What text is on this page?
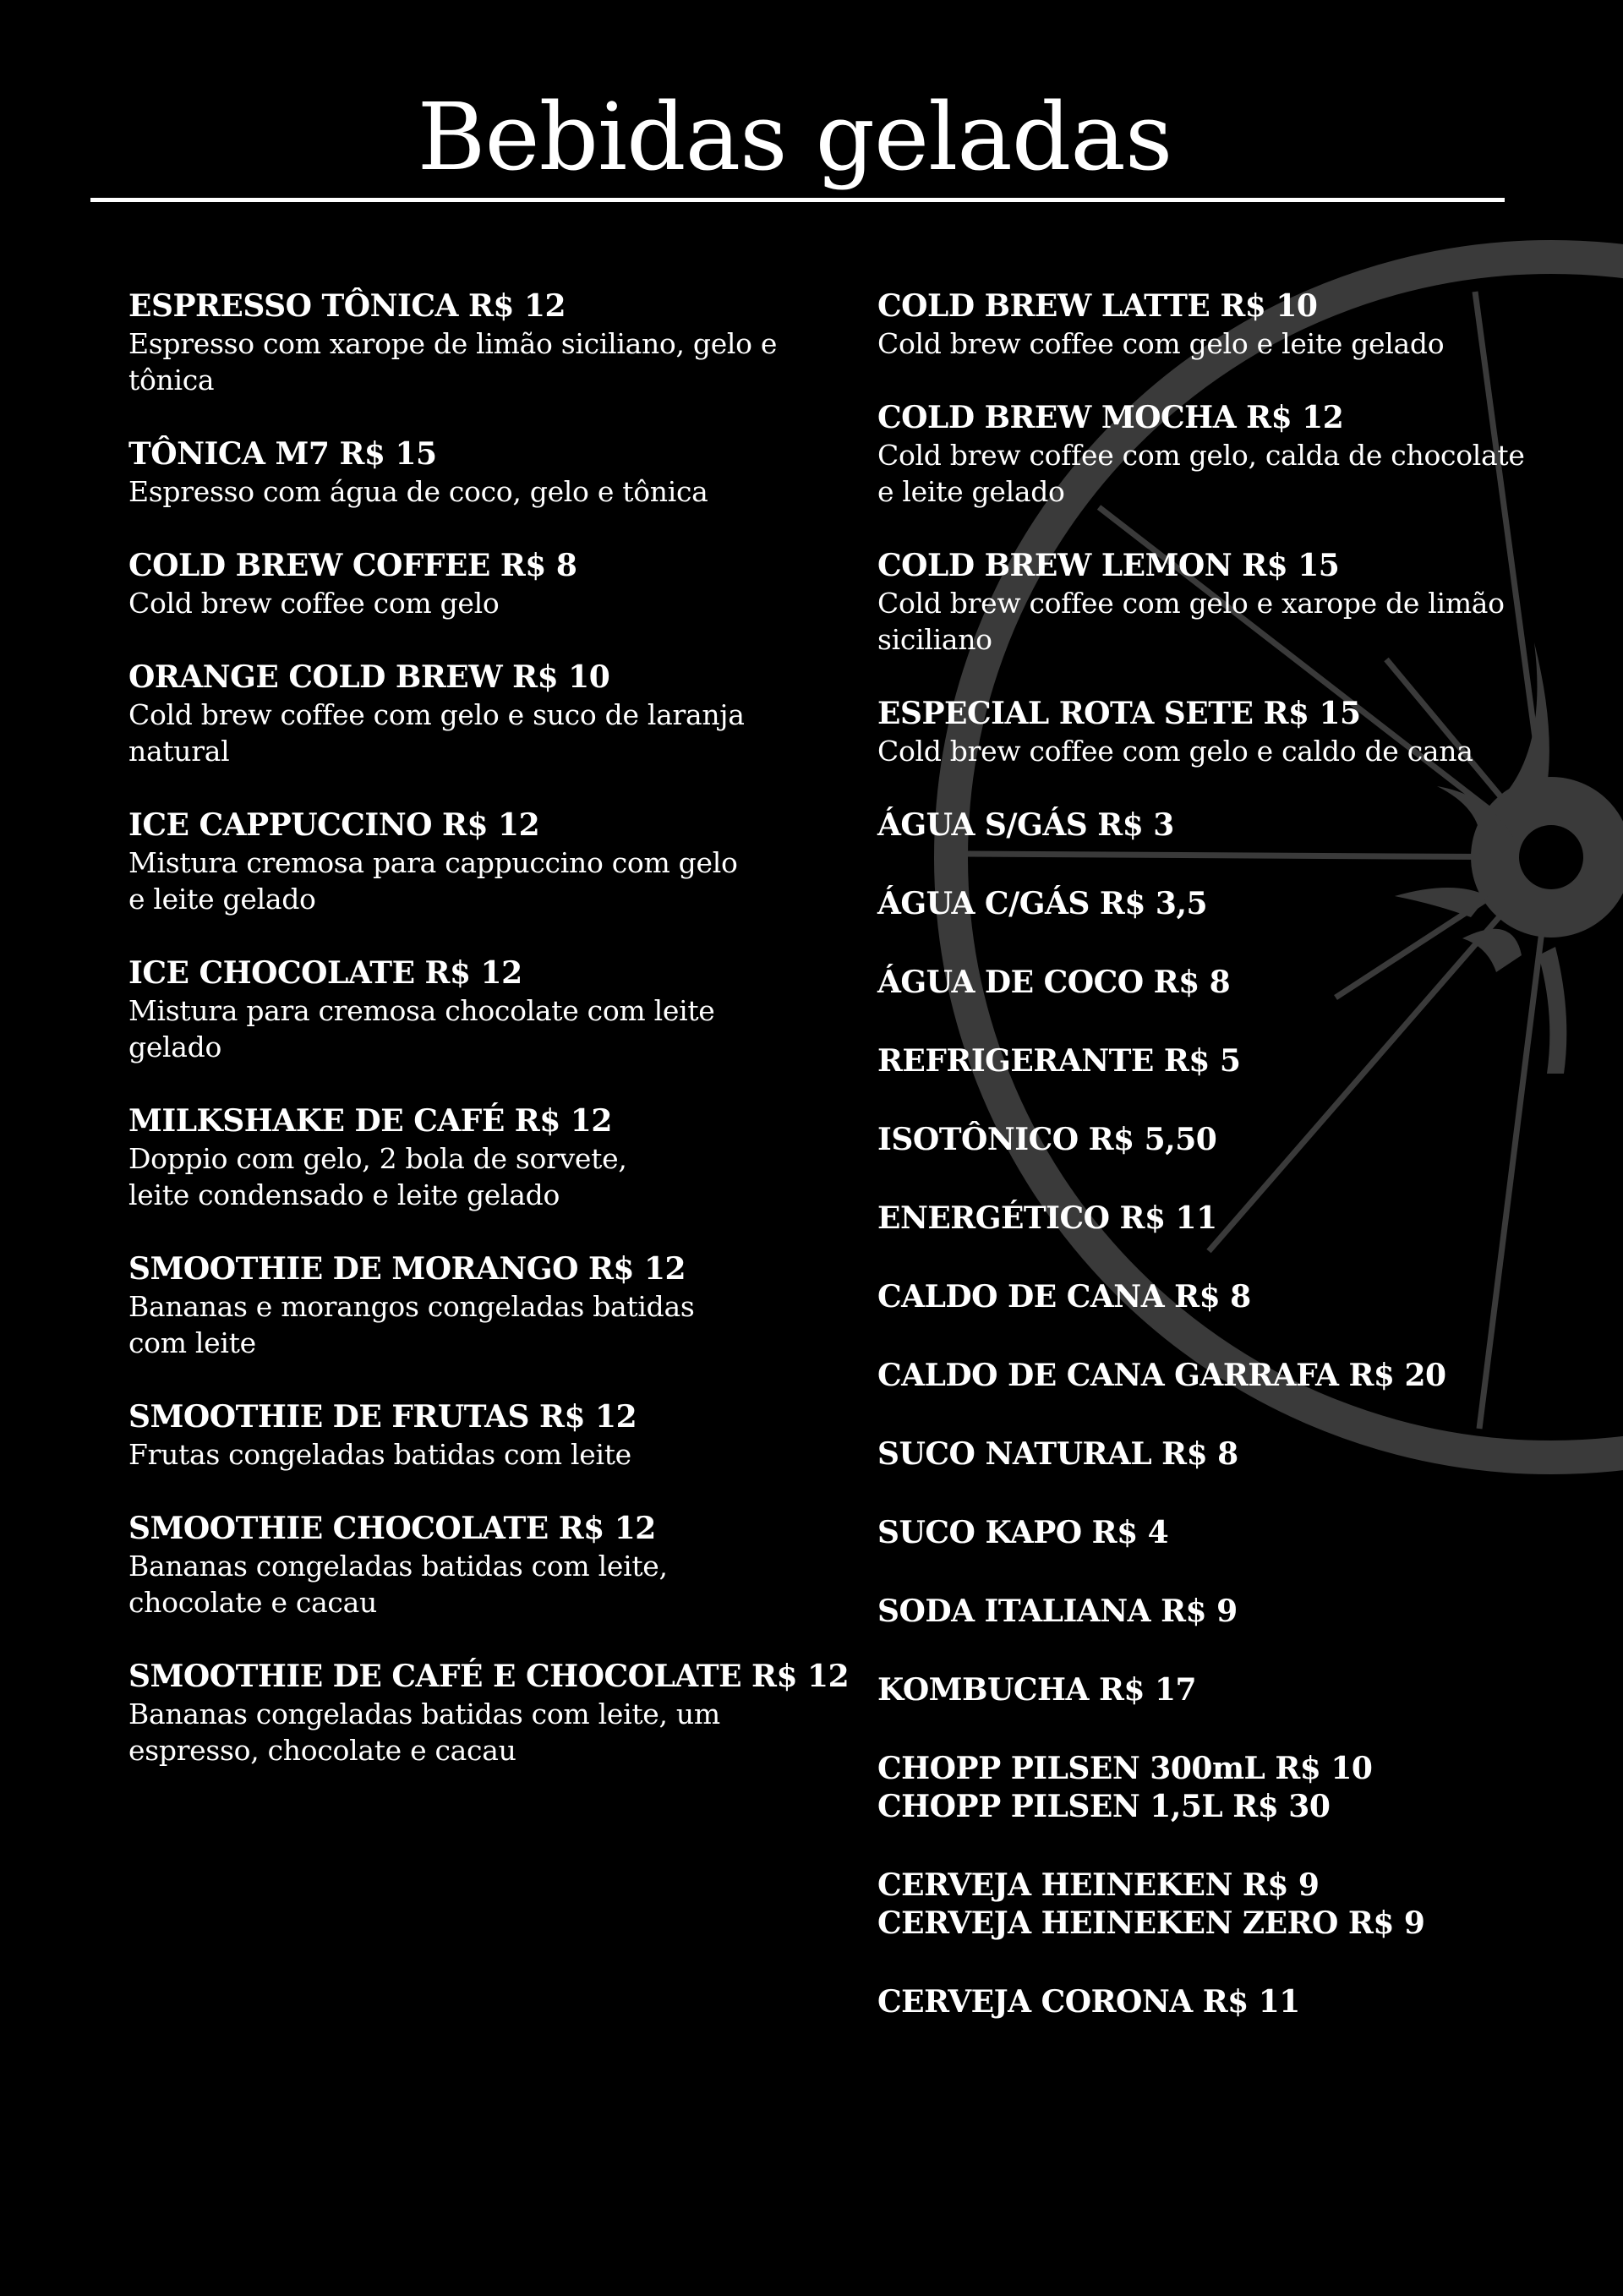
Bebidas geladas
ESPRESSO TÔNICA R$ 12
Espresso com xarope de limão siciliano, gelo e
tônica
TÔNICA M7 R$ 15
Espresso com água de coco, gelo e tônica
COLD BREW COFFEE R$ 8
Cold brew coffee com gelo
ORANGE COLD BREW R$ 10
Cold brew coffee com gelo e suco de laranja
natural
ICE CAPPUCCINO R$ 12
Mistura cremosa para cappuccino com gelo
e leite gelado
ICE CHOCOLATE R$ 12
Mistura para cremosa chocolate com leite gelado
MILKSHAKE DE CAFÉ R$ 12
Doppio com gelo, 2 bola de sorvete,
leite condensado e leite gelado
SMOOTHIE DE MORANGO R$ 12
Bananas e morangos congeladas batidas
com leite
SMOOTHIE DE FRUTAS R$ 12
Frutas congeladas batidas com leite
SMOOTHIE CHOCOLATE R$ 12
Bananas congeladas batidas com leite,
chocolate e cacau
SMOOTHIE DE CAFÉ E CHOCOLATE R$ 12
Bananas congeladas batidas com leite, um
espresso, chocolate e cacau
COLD BREW LATTE R$ 10
Cold brew coffee com gelo e leite gelado
COLD BREW MOCHA R$ 12
Cold brew coffee com gelo, calda de chocolate
e leite gelado
COLD BREW LEMON R$ 15
Cold brew coffee com gelo e xarope de limão
siciliano
ESPECIAL ROTA SETE R$ 15
Cold brew coffee com gelo e caldo de cana
ÁGUA S/GÁS R$ 3
ÁGUA C/GÁS R$ 3,5
ÁGUA DE COCO R$ 8
REFRIGERANTE R$ 5
ISOTÔNICO R$ 5,50
ENERGÉTICO R$ 11
CALDO DE CANA R$ 8
CALDO DE CANA GARRAFA R$ 20
SUCO NATURAL R$ 8
SUCO KAPO R$ 4
SODA ITALIANA R$ 9
KOMBUCHA R$ 17
CHOPP PILSEN 300mL R$ 10
CHOPP PILSEN 1,5L R$ 30
CERVEJA HEINEKEN R$ 9
CERVEJA HEINEKEN ZERO R$ 9
CERVEJA CORONA R$ 11
